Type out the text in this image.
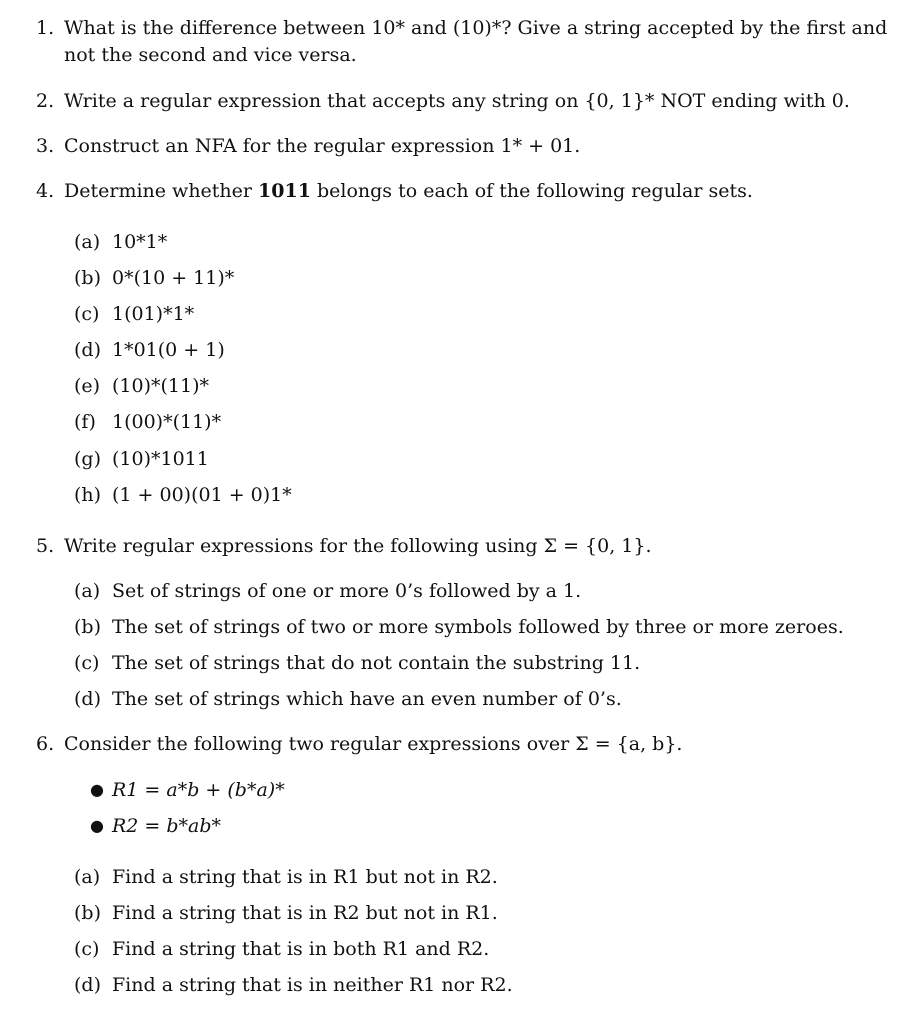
1. What is the difference between 10* and (10)*? Give a string accepted by the first and
not the second and vice versa.
2. Write a regular expression that accepts any string on {0, 1}* NOT ending with 0.
3. Construct an NFA for the regular expression 1* + 01.
4. Determine whether 1011 belongs to each of the following regular sets.
(a) 10*1*
(b) 0*(10 + 11)*
(c) 1(01)*1*
(d) 1*01(0 + 1)
(e) (10)*(11)*
(f) 1(00)*(11)*
(g) (10)*1011
(h) (1 + 00)(01 + 0)1*
5. Write regular expressions for the following using Σ = {0, 1}.
(a) Set of strings of one or more 0’s followed by a 1.
(b) The set of strings of two or more symbols followed by three or more zeroes.
(c) The set of strings that do not contain the substring 11.
(d) The set of strings which have an even number of 0’s.
6. Consider the following two regular expressions over Σ = {a, b}.
● R1 = a*b + (b*a)*
● R2 = b*ab*
(a) Find a string that is in R1 but not in R2.
(b) Find a string that is in R2 but not in R1.
(c) Find a string that is in both R1 and R2.
(d) Find a string that is in neither R1 nor R2.
